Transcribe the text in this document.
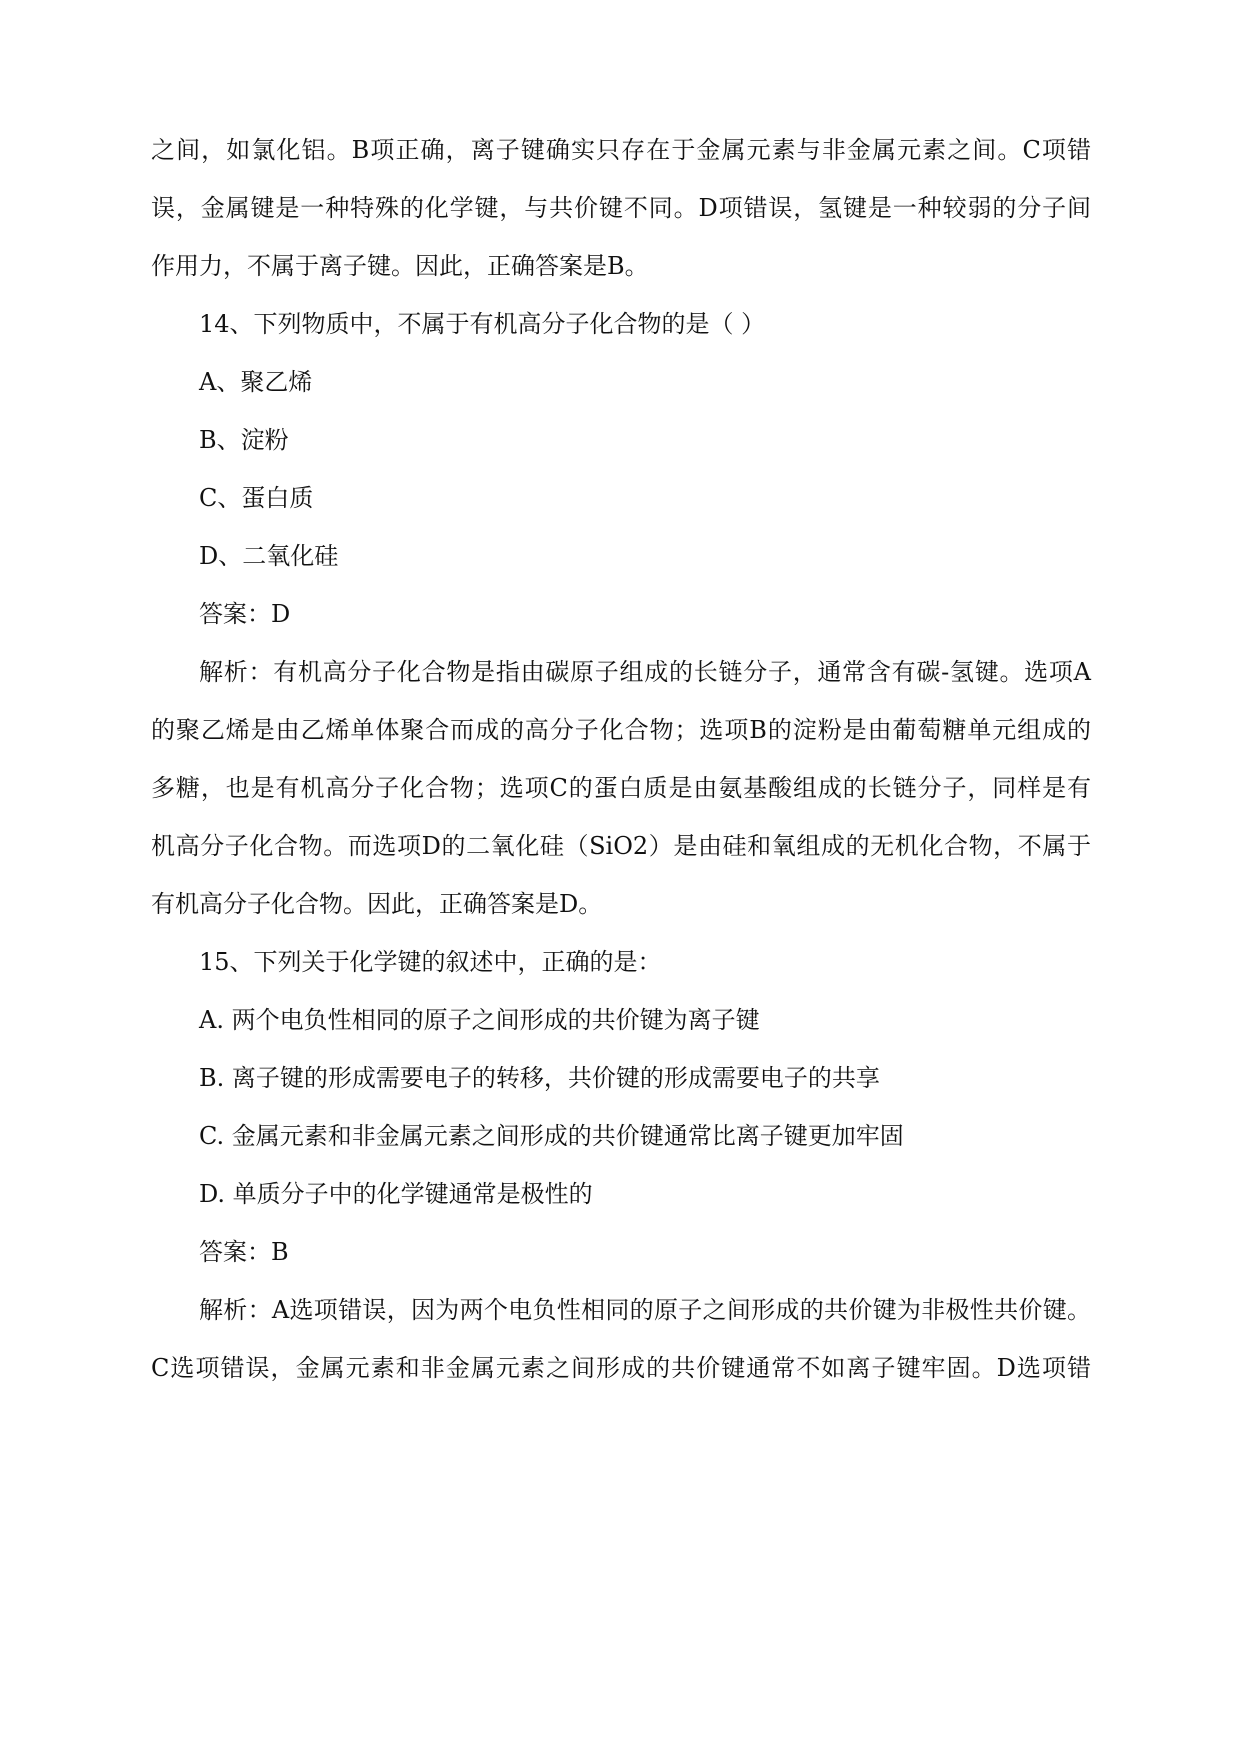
之间，如氯化铝。B项正确，离子键确实只存在于金属元素与非金属元素之间。C项错

误，金属键是一种特殊的化学键，与共价键不同。D项错误，氢键是一种较弱的分子间

作用力，不属于离子键。因此，正确答案是B。

14、下列物质中，不属于有机高分子化合物的是（ ）

A、聚乙烯

B、淀粉

C、蛋白质

D、二氧化硅

答案：D

解析：有机高分子化合物是指由碳原子组成的长链分子，通常含有碳-氢键。选项A

的聚乙烯是由乙烯单体聚合而成的高分子化合物；选项B的淀粉是由葡萄糖单元组成的

多糖，也是有机高分子化合物；选项C的蛋白质是由氨基酸组成的长链分子，同样是有

机高分子化合物。而选项D的二氧化硅（SiO2）是由硅和氧组成的无机化合物，不属于

有机高分子化合物。因此，正确答案是D。

15、下列关于化学键的叙述中，正确的是：

A. 两个电负性相同的原子之间形成的共价键为离子键

B. 离子键的形成需要电子的转移，共价键的形成需要电子的共享

C. 金属元素和非金属元素之间形成的共价键通常比离子键更加牢固

D. 单质分子中的化学键通常是极性的

答案：B

解析：A选项错误，因为两个电负性相同的原子之间形成的共价键为非极性共价键。

C选项错误，金属元素和非金属元素之间形成的共价键通常不如离子键牢固。D选项错
